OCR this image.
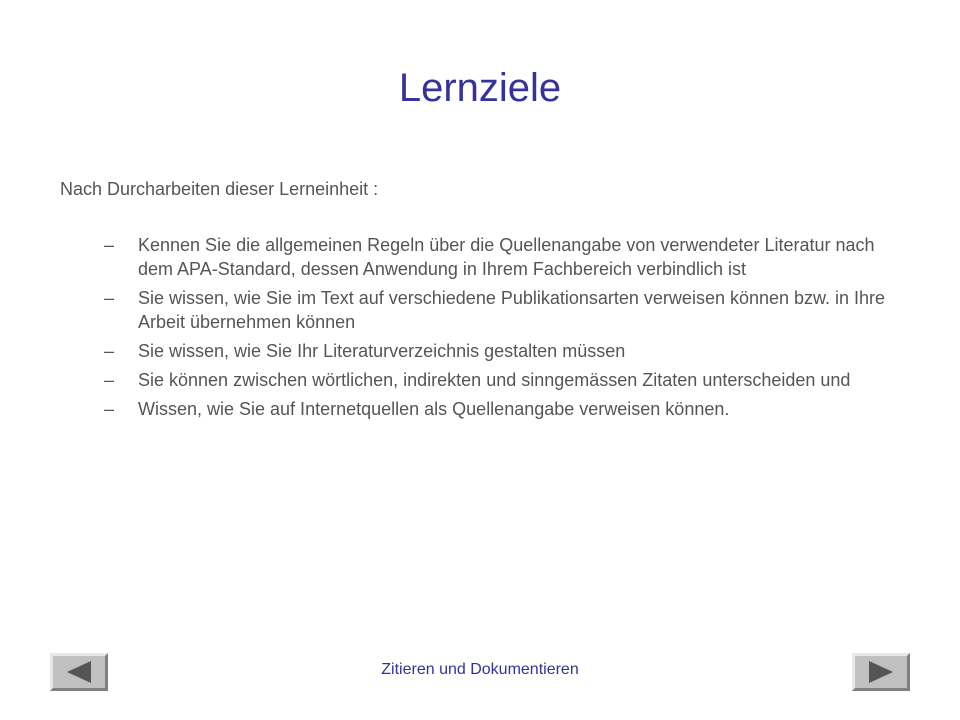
Lernziele

Nach Durcharbeiten dieser Lerneinheit :

– Kennen Sie die allgemeinen Regeln über die Quellenangabe von verwendeter Literatur nach dem APA-Standard, dessen Anwendung in Ihrem Fachbereich verbindlich ist
– Sie wissen, wie Sie im Text auf verschiedene Publikationsarten verweisen können bzw. in Ihre Arbeit übernehmen können
– Sie wissen, wie Sie Ihr Literaturverzeichnis gestalten müssen
– Sie können zwischen wörtlichen, indirekten und sinngemässen Zitaten unterscheiden und
– Wissen, wie Sie auf Internetquellen als Quellenangabe verweisen können.
Zitieren und Dokumentieren
